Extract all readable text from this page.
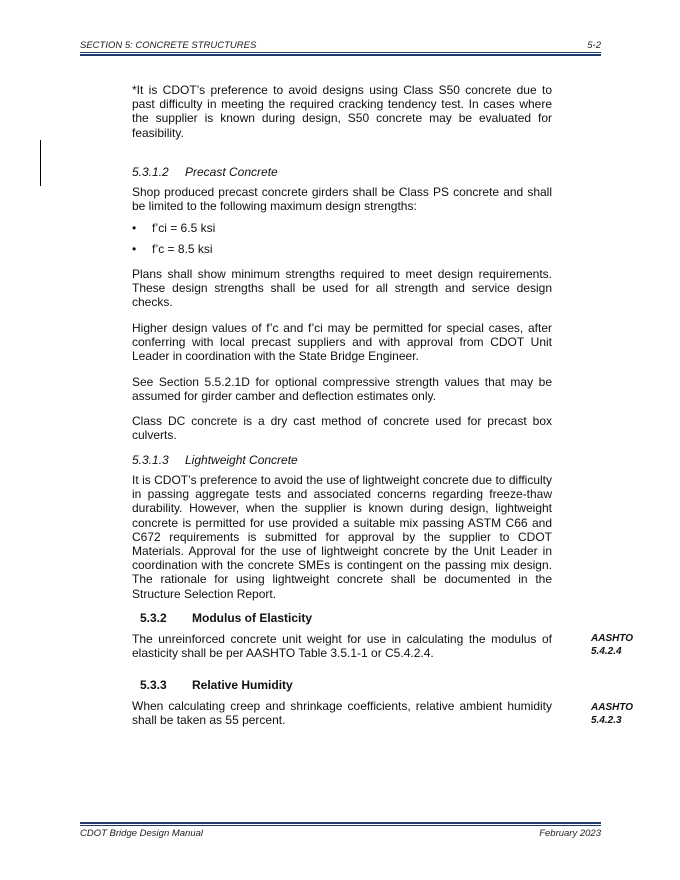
SECTION 5: CONCRETE STRUCTURES	5-2

*It is CDOT’s preference to avoid designs using Class S50 concrete due to past difficulty in meeting the required cracking tendency test. In cases where the supplier is known during design, S50 concrete may be evaluated for feasibility.

5.3.1.2 Precast Concrete

Shop produced precast concrete girders shall be Class PS concrete and shall be limited to the following maximum design strengths:

• f’ci = 6.5 ksi
• f’c = 8.5 ksi

Plans shall show minimum strengths required to meet design requirements. These design strengths shall be used for all strength and service design checks.

Higher design values of f’c and f’ci may be permitted for special cases, after conferring with local precast suppliers and with approval from CDOT Unit Leader in coordination with the State Bridge Engineer.

See Section 5.5.2.1D for optional compressive strength values that may be assumed for girder camber and deflection estimates only.

Class DC concrete is a dry cast method of concrete used for precast box culverts.

5.3.1.3 Lightweight Concrete

It is CDOT’s preference to avoid the use of lightweight concrete due to difficulty in passing aggregate tests and associated concerns regarding freeze-thaw durability. However, when the supplier is known during design, lightweight concrete is permitted for use provided a suitable mix passing ASTM C66 and C672 requirements is submitted for approval by the supplier to CDOT Materials. Approval for the use of lightweight concrete by the Unit Leader in coordination with the concrete SMEs is contingent on the passing mix design. The rationale for using lightweight concrete shall be documented in the Structure Selection Report.

5.3.2 Modulus of Elasticity

The unreinforced concrete unit weight for use in calculating the modulus of elasticity shall be per AASHTO Table 3.5.1-1 or C5.4.2.4.

AASHTO
5.4.2.4
5.3.3 Relative Humidity

When calculating creep and shrinkage coefficients, relative ambient humidity shall be taken as 55 percent.

AASHTO
5.4.2.3
CDOT Bridge Design Manual	February 2023
